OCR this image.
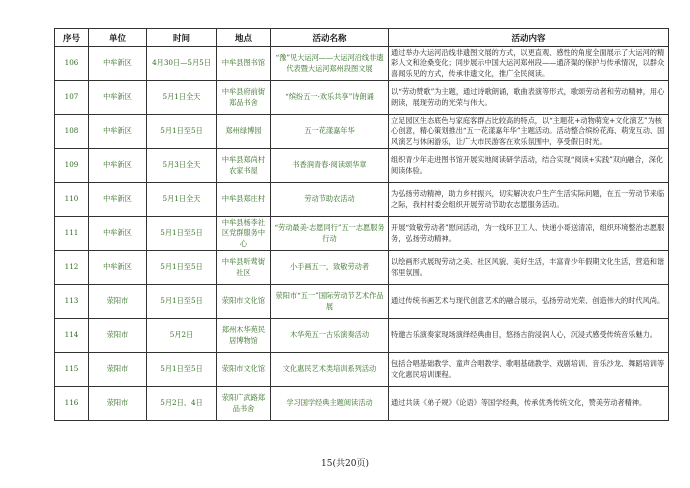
序号	单位	时间	地点	活动名称	活动内容
106	中牟新区	4月30日—5月5日	中牟县图书馆	“豫”见大运河——大运河沿线非遗代表暨大运河郑州段图文展	通过举办大运河沿线非遗图文展的方式，以更直观、感性的角度全面展示了大运河的精彩人文和沧桑变化；同步展示中国大运河郑州段——通济渠的保护与传承情况，以群众喜闻乐见的方式，传承非遗文化，推广全民阅读。
107	中牟新区	5月1日全天	中牟县府前街郑品书舍	“缤纷五一·欢乐共享”诗朗诵	以“劳动赞歌”为主题，通过诗歌朗诵，歌曲表演等形式，歌颂劳动者和劳动精神，用心朗读，展现劳动的光荣与伟大。
108	中牟新区	5月1日至5日	郑州绿博园	五一花漾嘉年华	立足园区生态底色与家庭客群占比较高的特点，以“主题花+动物萌宠+文化演艺”为核心创意，精心策划推出“五一花漾嘉年华”主题活动。活动整合缤纷花海、萌宠互动、国风演艺与休闲游乐，让广大市民游客在欢乐氛围中，享受假日时光。
109	中牟新区	5月3日全天	中牟县郑尚村农家书屋	书香润青春·阅读颂华章	组织青少年走进图书馆开展实地阅读研学活动，结合实现“阅读+实践”双向融合，深化阅读体验。
110	中牟新区	5月1日全天	中牟县郑庄村	劳动节助农活动	为弘扬劳动精神，助力乡村振兴，切实解决农户生产生活实际问题，在五一劳动节来临之际，我村村委会组织开展劳动节助农志愿服务活动。
111	中牟新区	5月1日至5日	中牟县杨李社区党群服务中心	“劳动最美·志愿同行”五一志愿服务行动	开展“致敬劳动者”慰问活动，为一线环卫工人、快递小哥送清凉，组织环境整治志愿服务，弘扬劳动精神。
112	中牟新区	5月1日至5日	中牟县听莺街社区	小手画五一，致敬劳动者	以绘画形式展现劳动之美、社区风貌、美好生活，丰富青少年假期文化生活，营造和谐邻里氛围。
113	荥阳市	5月1日至5日	荥阳市文化馆	荥阳市“五一”国际劳动节艺术作品展	通过传统书画艺术与现代创意艺术的融合展示，弘扬劳动光荣、创造伟大的时代风尚。
114	荥阳市	5月2日	郑州木华苑民居博物馆	木华苑五一古乐演奏活动	特邀古乐演奏家现场演绎经典曲目，悠扬古韵浸润人心，沉浸式感受传统音乐魅力。
115	荥阳市	5月1日至5日	荥阳市文化馆	文化惠民艺术类培训系列活动	包括合唱基础教学、童声合唱教学、歌唱基础教学、戏剧培训、音乐沙龙、舞蹈培训等文化惠民培训课程。
116	荥阳市	5月2日、4日	荥阳广武路郑品书舍	学习国学经典主题阅读活动	通过共读《弟子规》《论语》等国学经典，传承优秀传统文化，赞美劳动者精神。
15(共20页)
